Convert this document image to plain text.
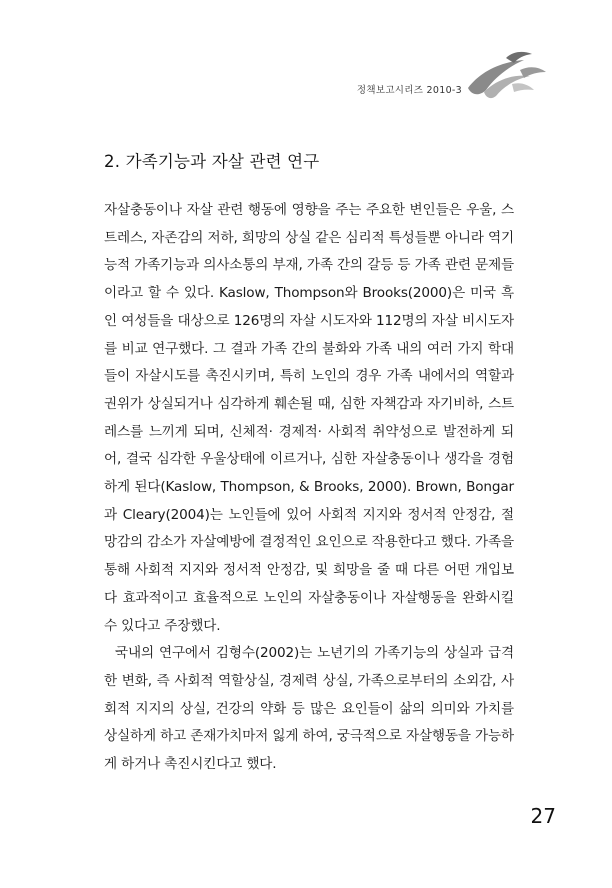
정책보고시리즈 2010-3
2. 가족기능과 자살 관련 연구

자살충동이나 자살 관련 행동에 영향을 주는 주요한 변인들은 우울, 스트레스, 자존감의 저하, 희망의 상실 같은 심리적 특성들뿐 아니라 역기능적 가족기능과 의사소통의 부재, 가족 간의 갈등 등 가족 관련 문제들이라고 할 수 있다. Kaslow, Thompson와 Brooks(2000)은 미국 흑인 여성들을 대상으로 126명의 자살 시도자와 112명의 자살 비시도자를 비교 연구했다. 그 결과 가족 간의 불화와 가족 내의 여러 가지 학대들이 자살시도를 촉진시키며, 특히 노인의 경우 가족 내에서의 역할과 권위가 상실되거나 심각하게 훼손될 때, 심한 자책감과 자기비하, 스트레스를 느끼게 되며, 신체적· 경제적· 사회적 취약성으로 발전하게 되어, 결국 심각한 우울상태에 이르거나, 심한 자살충동이나 생각을 경험하게 된다(Kaslow, Thompson, & Brooks, 2000). Brown, Bongar과 Cleary(2004)는 노인들에 있어 사회적 지지와 정서적 안정감, 절망감의 감소가 자살예방에 결정적인 요인으로 작용한다고 했다. 가족을 통해 사회적 지지와 정서적 안정감, 및 희망을 줄 때 다른 어떤 개입보다 효과적이고 효율적으로 노인의 자살충동이나 자살행동을 완화시킬 수 있다고 주장했다.

국내의 연구에서 김형수(2002)는 노년기의 가족기능의 상실과 급격한 변화, 즉 사회적 역할상실, 경제력 상실, 가족으로부터의 소외감, 사회적 지지의 상실, 건강의 약화 등 많은 요인들이 삶의 의미와 가치를 상실하게 하고 존재가치마저 잃게 하여, 궁극적으로 자살행동을 가능하게 하거나 촉진시킨다고 했다.

27
